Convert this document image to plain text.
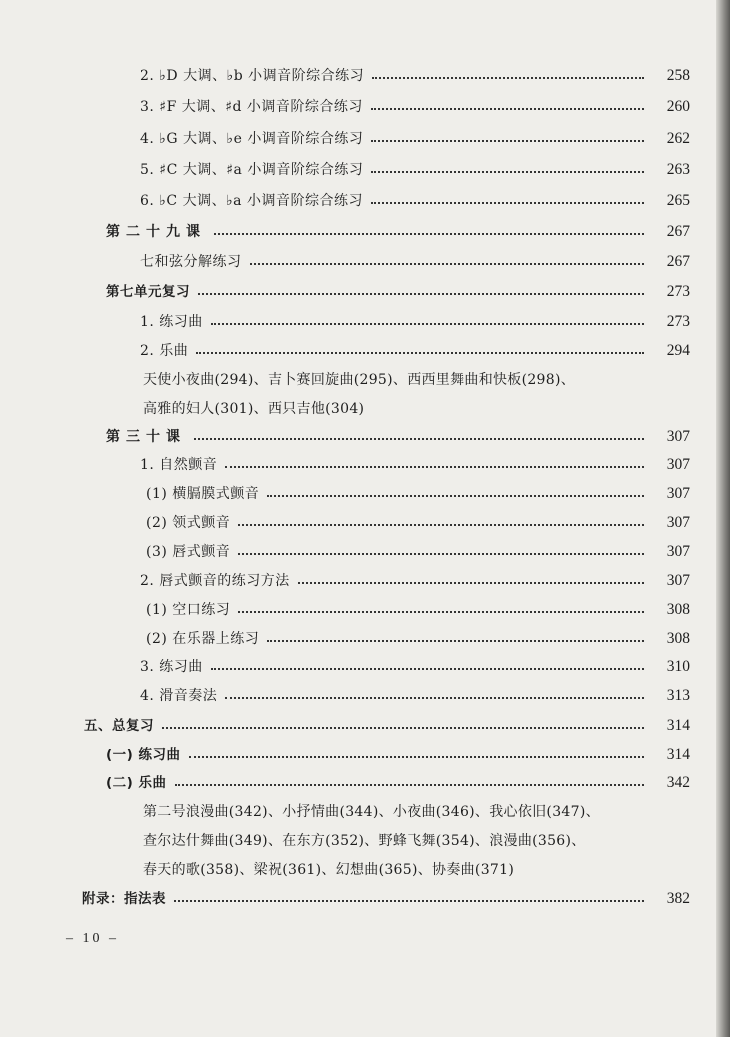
2. ♭D 大调、♭b 小调音阶综合练习	258
3. ♯F 大调、♯d 小调音阶综合练习	260
4. ♭G 大调、♭e 小调音阶综合练习	262
5. ♯C 大调、♯a 小调音阶综合练习	263
6. ♭C 大调、♭a 小调音阶综合练习	265
第二十九课	267
七和弦分解练习	267
第七单元复习	273
1. 练习曲	273
2. 乐曲	294
天使小夜曲(294)、吉卜赛回旋曲(295)、西西里舞曲和快板(298)、
高雅的妇人(301)、西只吉他(304)
第三十课	307
1. 自然颤音	307
(1) 横膈膜式颤音	307
(2) 领式颤音	307
(3) 唇式颤音	307
2. 唇式颤音的练习方法	307
(1) 空口练习	308
(2) 在乐器上练习	308
3. 练习曲	310
4. 滑音奏法	313
五、总复习	314
(一) 练习曲	314
(二) 乐曲	342
第二号浪漫曲(342)、小抒情曲(344)、小夜曲(346)、我心依旧(347)、
查尔达什舞曲(349)、在东方(352)、野蜂飞舞(354)、浪漫曲(356)、
春天的歌(358)、梁祝(361)、幻想曲(365)、协奏曲(371)
附录：指法表	382
– 10 –
